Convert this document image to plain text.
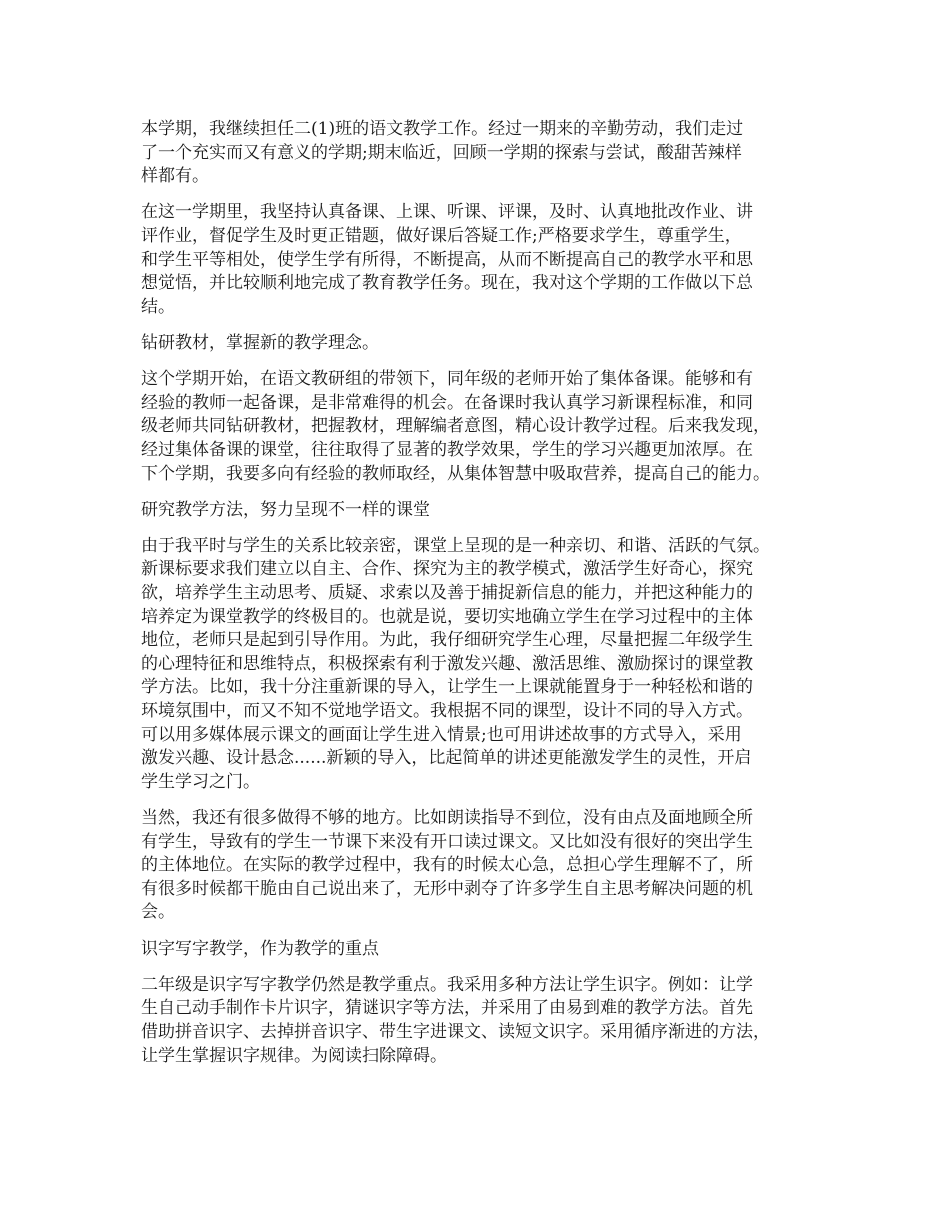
本学期，我继续担任二(1)班的语文教学工作。经过一期来的辛勤劳动，我们走过
了一个充实而又有意义的学期;期末临近，回顾一学期的探索与尝试，酸甜苦辣样
样都有。

在这一学期里，我坚持认真备课、上课、听课、评课，及时、认真地批改作业、讲
评作业，督促学生及时更正错题，做好课后答疑工作;严格要求学生，尊重学生，
和学生平等相处，使学生学有所得，不断提高，从而不断提高自己的教学水平和思
想觉悟，并比较顺利地完成了教育教学任务。现在，我对这个学期的工作做以下总
结。

钻研教材，掌握新的教学理念。

这个学期开始，在语文教研组的带领下，同年级的老师开始了集体备课。能够和有
经验的教师一起备课，是非常难得的机会。在备课时我认真学习新课程标准，和同
级老师共同钻研教材，把握教材，理解编者意图，精心设计教学过程。后来我发现，
经过集体备课的课堂，往往取得了显著的教学效果，学生的学习兴趣更加浓厚。在
下个学期，我要多向有经验的教师取经，从集体智慧中吸取营养，提高自己的能力。

研究教学方法，努力呈现不一样的课堂

由于我平时与学生的关系比较亲密，课堂上呈现的是一种亲切、和谐、活跃的气氛。
新课标要求我们建立以自主、合作、探究为主的教学模式，激活学生好奇心，探究
欲，培养学生主动思考、质疑、求索以及善于捕捉新信息的能力，并把这种能力的
培养定为课堂教学的终极目的。也就是说，要切实地确立学生在学习过程中的主体
地位，老师只是起到引导作用。为此，我仔细研究学生心理，尽量把握二年级学生
的心理特征和思维特点，积极探索有利于激发兴趣、激活思维、激励探讨的课堂教
学方法。比如，我十分注重新课的导入，让学生一上课就能置身于一种轻松和谐的
环境氛围中，而又不知不觉地学语文。我根据不同的课型，设计不同的导入方式。
可以用多媒体展示课文的画面让学生进入情景;也可用讲述故事的方式导入，采用
激发兴趣、设计悬念......新颖的导入，比起简单的讲述更能激发学生的灵性，开启
学生学习之门。

当然，我还有很多做得不够的地方。比如朗读指导不到位，没有由点及面地顾全所
有学生，导致有的学生一节课下来没有开口读过课文。又比如没有很好的突出学生
的主体地位。在实际的教学过程中，我有的时候太心急，总担心学生理解不了，所
有很多时候都干脆由自己说出来了，无形中剥夺了许多学生自主思考解决问题的机
会。

识字写字教学，作为教学的重点

二年级是识字写字教学仍然是教学重点。我采用多种方法让学生识字。例如：让学
生自己动手制作卡片识字，猜谜识字等方法，并采用了由易到难的教学方法。首先
借助拼音识字、去掉拼音识字、带生字进课文、读短文识字。采用循序渐进的方法，
让学生掌握识字规律。为阅读扫除障碍。
